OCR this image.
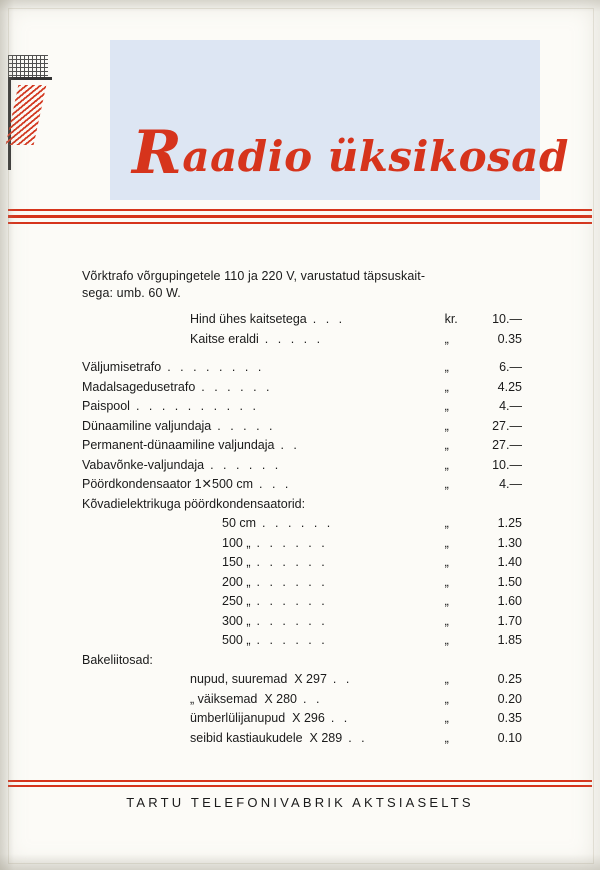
Raadio üksikosad
Võrktrafo võrgupingetele 110 ja 220 V, varustatud täpsuskait-
sega: umb. 60 W.
Hind ühes kaitsetega . . .	kr.	10.—
Kaitse eraldi . . . . .	„	0.35

Väljumisetrafo . . . . . . . .	„	6.—
Madalsagedusetrafo . . . . . .	„	4.25
Paispool . . . . . . . . . .	„	4.—
Dünaamiline valjundaja . . . . .	„	27.—
Permanent-dünaamiline valjundaja . .	„	27.—
Vabavõnke-valjundaja . . . . . .	„	10.—
Pöördkondensaator 1✕500 cm . . .	„	4.—
Kõvadielektrikuga pöördkondensaatorid:		
50 cm . . . . . .	„	1.25
100 „ . . . . . .	„	1.30
150 „ . . . . . .	„	1.40
200 „ . . . . . .	„	1.50
250 „ . . . . . .	„	1.60
300 „ . . . . . .	„	1.70
500 „ . . . . . .	„	1.85
Bakeliitosad:		
nupud, suuremad X 297 . .	„	0.25
„ väiksemad X 280 . .	„	0.20
ümberlülijanupud X 296 . .	„	0.35
seibid kastiaukudele X 289 . .	„	0.10
TARTU TELEFONIVABRIK AKTSIASELTS
